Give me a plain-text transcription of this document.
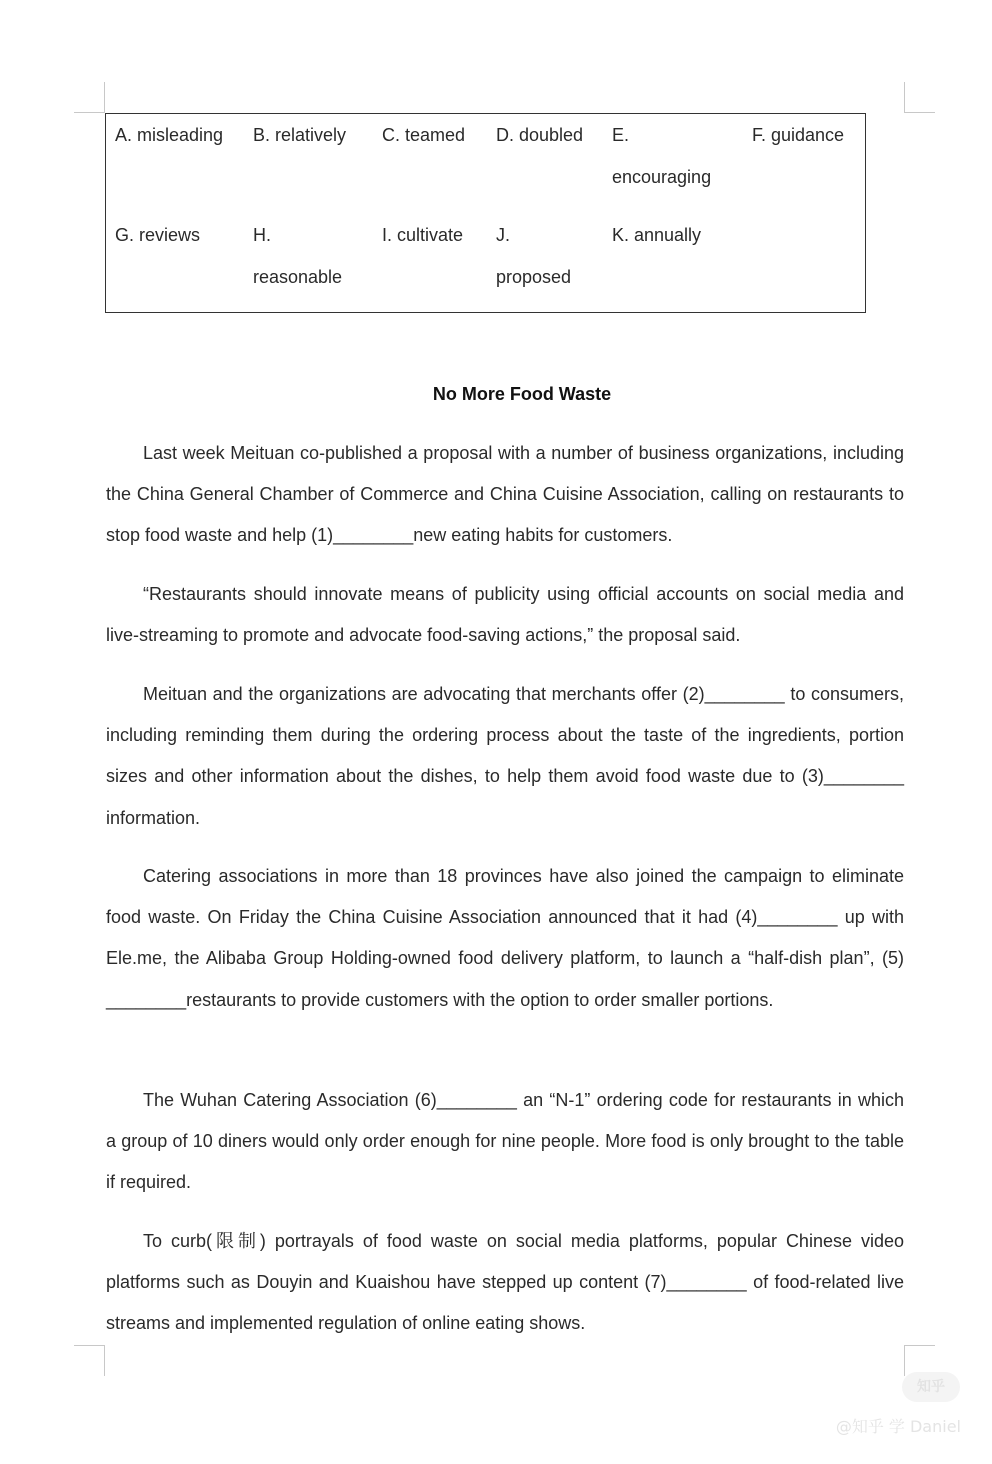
A. misleading B. relatively C. teamed D. doubled E.
encouraging
F. guidance
G. reviews	H.
reasonable
I. cultivate J.
proposed
K. annually
No More Food Waste

Last week Meituan co-published a proposal with a number of business organizations, including the China General Chamber of Commerce and China Cuisine Association, calling on restaurants to stop food waste and help (1)________new eating habits for customers.

“Restaurants should innovate means of publicity using official accounts on social media and live-streaming to promote and advocate food-saving actions,” the proposal said.

Meituan and the organizations are advocating that merchants offer (2)________ to consumers, including reminding them during the ordering process about the taste of the ingredients, portion sizes and other information about the dishes, to help them avoid food waste due to (3)________ information.

Catering associations in more than 18 provinces have also joined the campaign to eliminate food waste. On Friday the China Cuisine Association announced that it had (4)________ up with Ele.me, the Alibaba Group Holding-owned food delivery platform, to launch a “half-dish plan”, (5) ________restaurants to provide customers with the option to order smaller portions.

The Wuhan Catering Association (6)________ an “N-1” ordering code for restaurants in which a group of 10 diners would only order enough for nine people. More food is only brought to the table if required.

To curb(限制) portrayals of food waste on social media platforms, popular Chinese video platforms such as Douyin and Kuaishou have stepped up content (7)________ of food-related live streams and implemented regulation of online eating shows.

知乎
@知乎 学 Daniel
